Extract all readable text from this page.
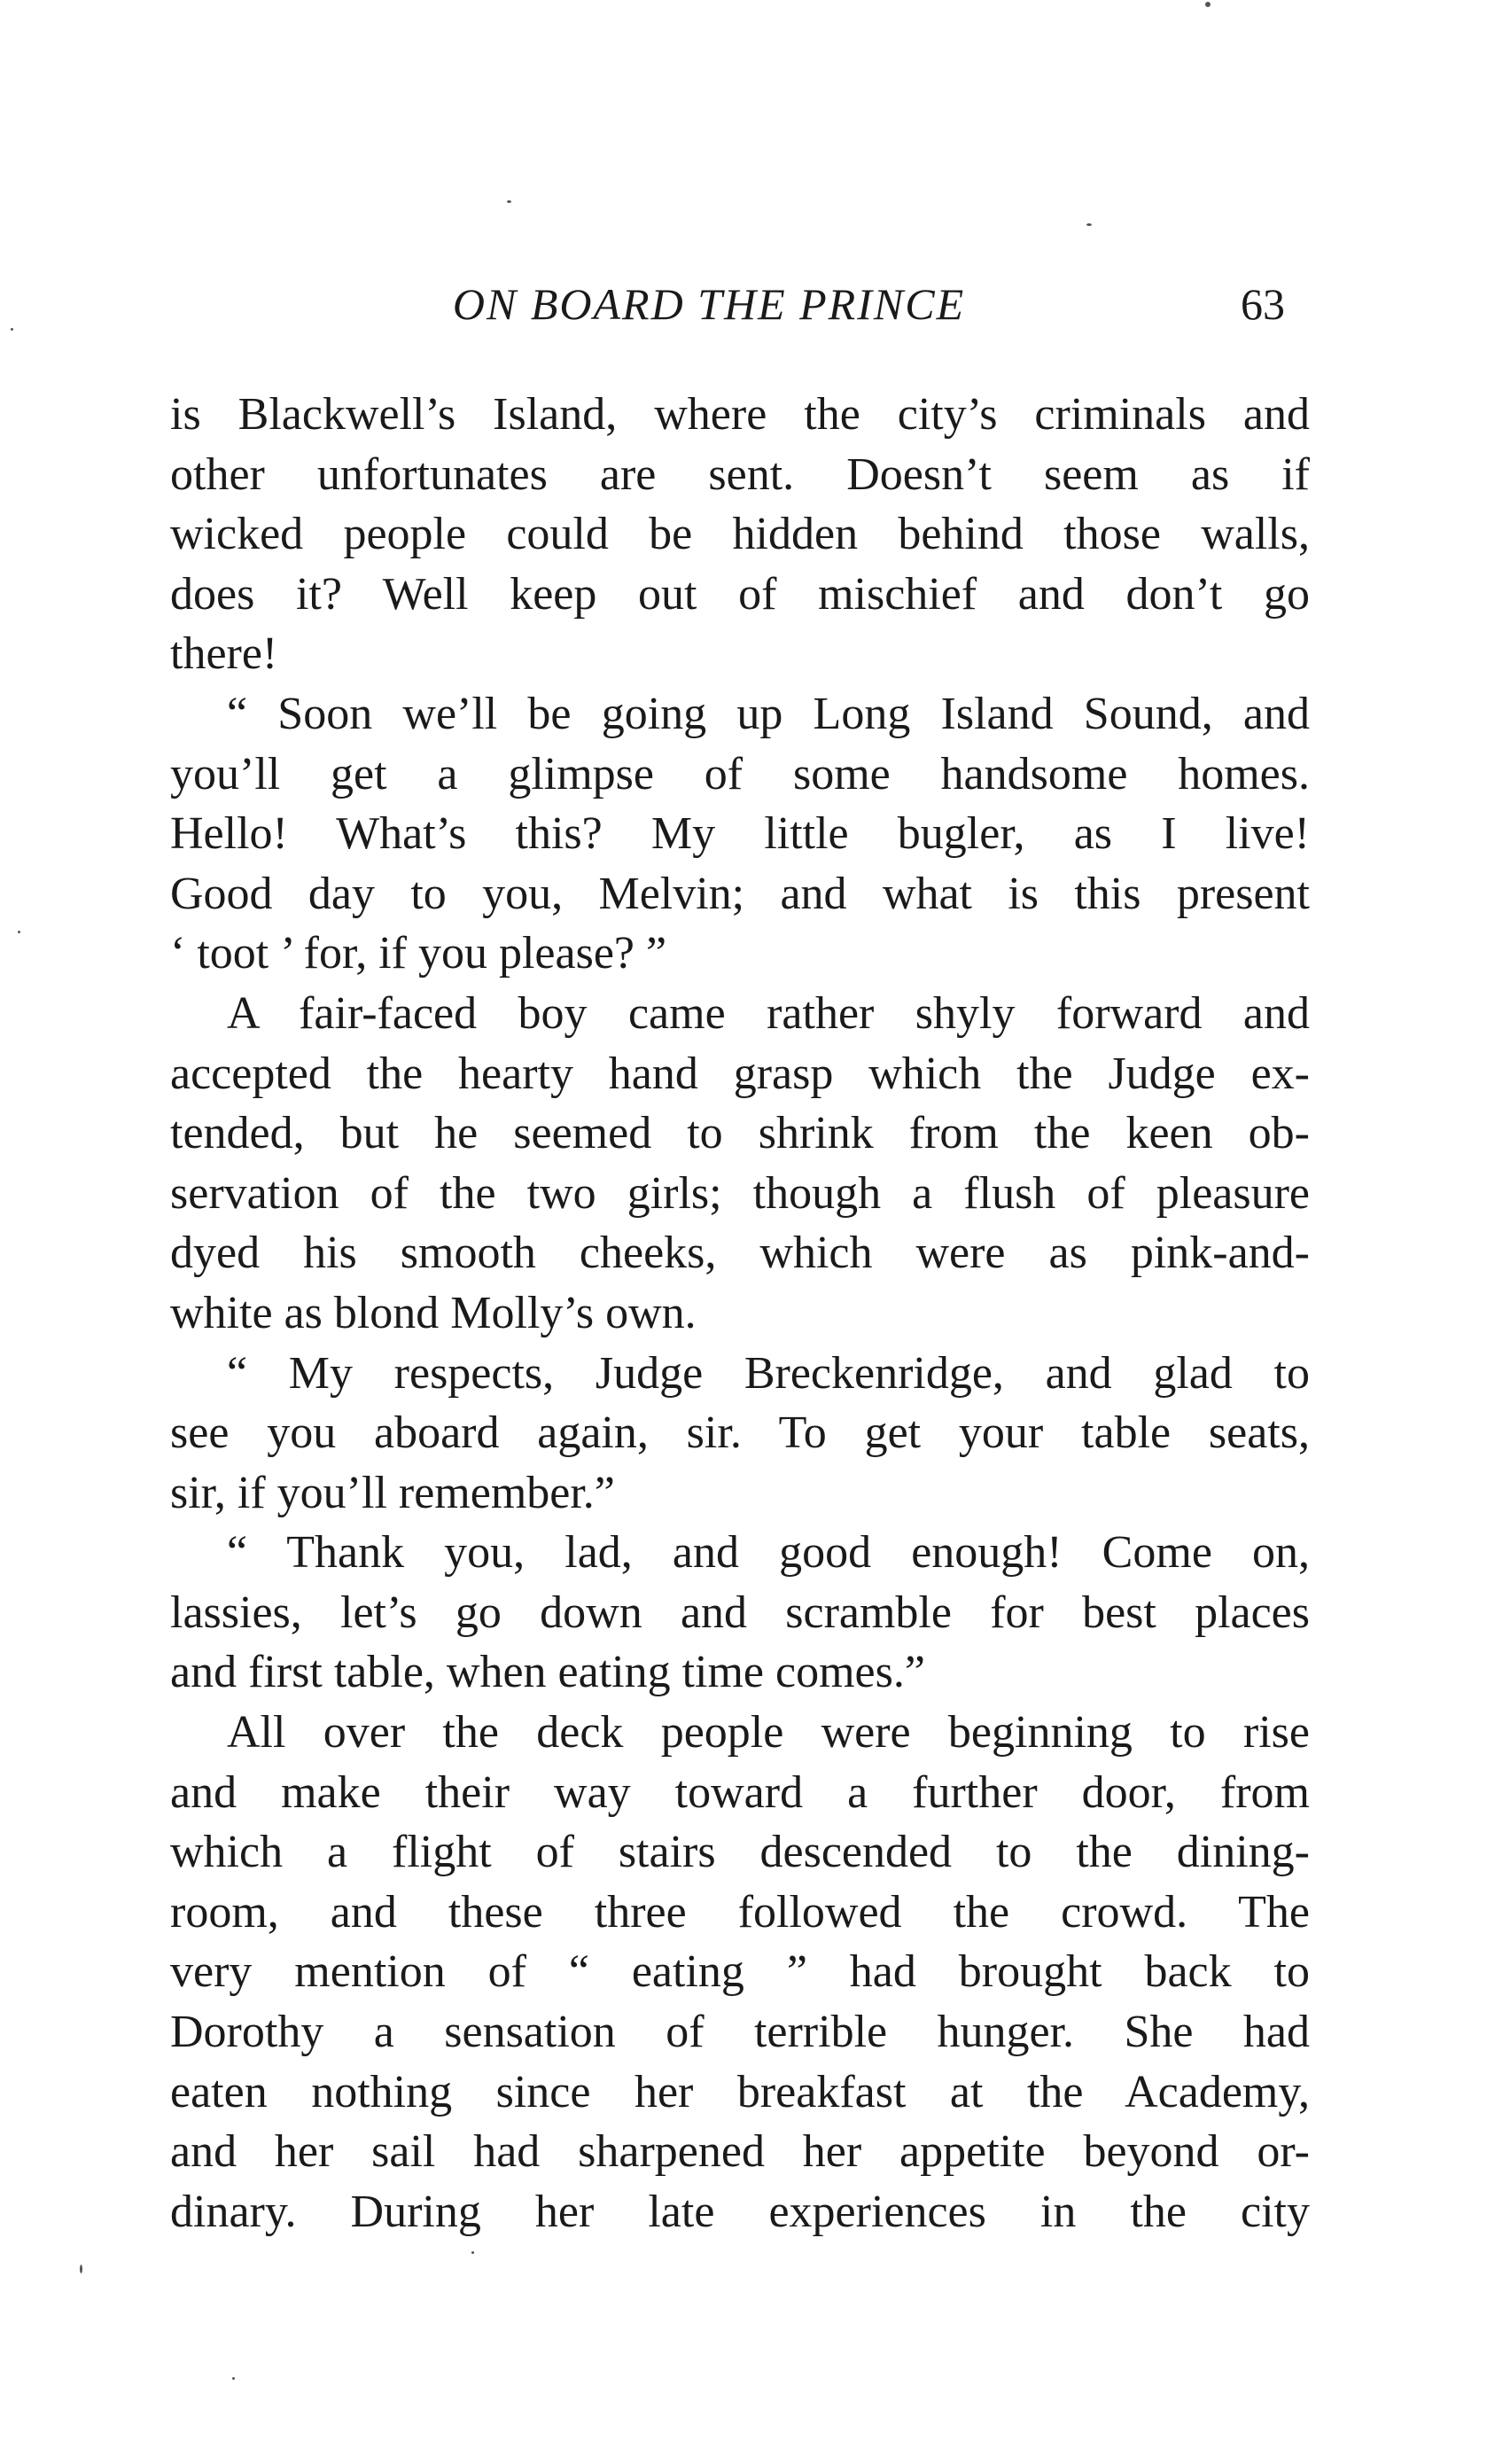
ON BOARD THE PRINCE	63
is Blackwell’s Island, where the city’s criminals and
other unfortunates are sent. Doesn’t seem as if
wicked people could be hidden behind those walls,
does it? Well keep out of mischief and don’t go
there!
“ Soon we’ll be going up Long Island Sound, and
you’ll get a glimpse of some handsome homes.
Hello! What’s this? My little bugler, as I live!
Good day to you, Melvin; and what is this present
‘ toot ’ for, if you please? ”
A fair-faced boy came rather shyly forward and
accepted the hearty hand grasp which the Judge ex-
tended, but he seemed to shrink from the keen ob-
servation of the two girls; though a flush of pleasure
dyed his smooth cheeks, which were as pink-and-
white as blond Molly’s own.
“ My respects, Judge Breckenridge, and glad to
see you aboard again, sir. To get your table seats,
sir, if you’ll remember.”
“ Thank you, lad, and good enough! Come on,
lassies, let’s go down and scramble for best places
and first table, when eating time comes.”
All over the deck people were beginning to rise
and make their way toward a further door, from
which a flight of stairs descended to the dining-
room, and these three followed the crowd. The
very mention of “ eating ” had brought back to
Dorothy a sensation of terrible hunger. She had
eaten nothing since her breakfast at the Academy,
and her sail had sharpened her appetite beyond or-
dinary. During her late experiences in the city
